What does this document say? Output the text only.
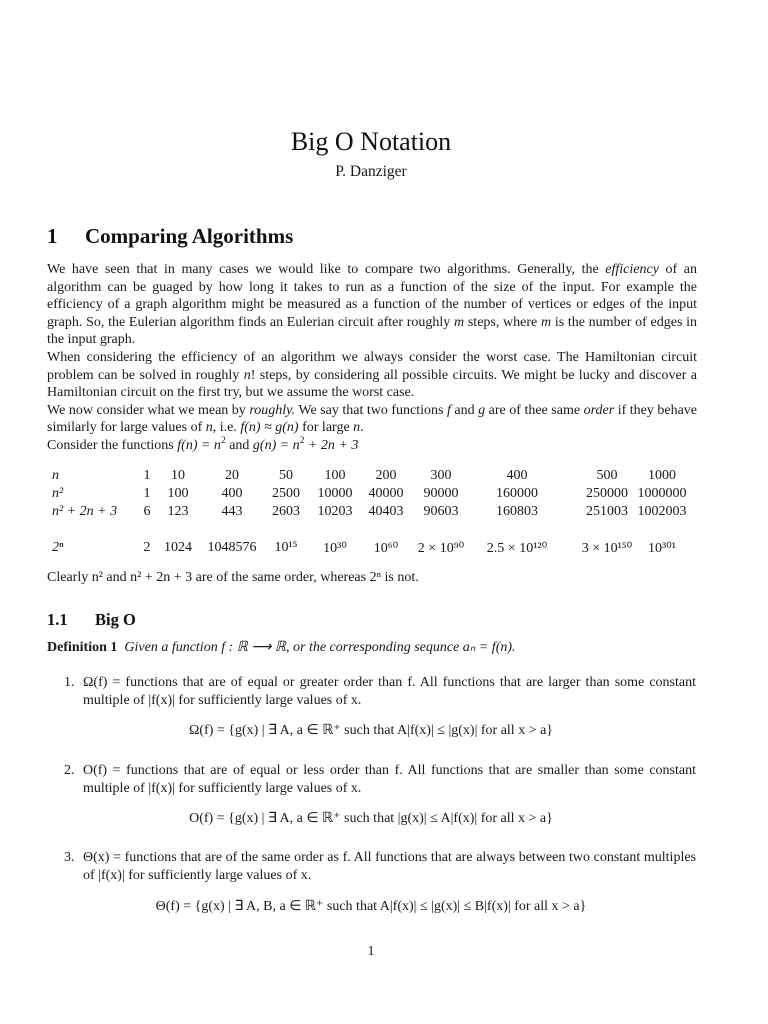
Big O Notation
P. Danziger
1 Comparing Algorithms

We have seen that in many cases we would like to compare two algorithms. Generally, the efficiency of an algorithm can be guaged by how long it takes to run as a function of the size of the input. For example the efficiency of a graph algorithm might be measured as a function of the number of vertices or edges of the input graph. So, the Eulerian algorithm finds an Eulerian circuit after roughly m steps, where m is the number of edges in the input graph.

When considering the efficiency of an algorithm we always consider the worst case. The Hamiltonian circuit problem can be solved in roughly n! steps, by considering all possible circuits. We might be lucky and discover a Hamiltonian circuit on the first try, but we assume the worst case.

We now consider what we mean by roughly. We say that two functions f and g are of thee same order if they behave similarly for large values of n, i.e. f(n) ≈ g(n) for large n.

Consider the functions $f(n) = n^2$ and $g(n) = n^2 + 2n + 3$

n	1	10	20	50	100	200	300	400	500	1000
n²	1	100	400	2500	10000	40000	90000	160000	250000 1000000
n² + 2n + 3	6	123	443	2603	10203	40403	90603	160803	251003 1002003
2ⁿ	2 1024	1048576	10¹⁵	10³⁰	10⁶⁰	2 × 10⁹⁰	2.5 × 10¹²⁰	3 × 10¹⁵⁰	10³⁰¹
Clearly n² and n² + 2n + 3 are of the same order, whereas 2ⁿ is not.
1.1 Big O
Definition 1 Given a function f : ℝ ⟶ ℝ, or the corresponding sequnce aₙ = f(n).
1. Ω(f) = functions that are of equal or greater order than f. All functions that are larger than some constant multiple of |f(x)| for sufficiently large values of x.
Ω(f) = {g(x) | ∃ A, a ∈ ℝ⁺ such that A|f(x)| ≤ |g(x)| for all x > a}
2. O(f) = functions that are of equal or less order than f. All functions that are smaller than some constant multiple of |f(x)| for sufficiently large values of x.
O(f) = {g(x) | ∃ A, a ∈ ℝ⁺ such that |g(x)| ≤ A|f(x)| for all x > a}
3. Θ(x) = functions that are of the same order as f. All functions that are always between two constant multiples of |f(x)| for sufficiently large values of x.
Θ(f) = {g(x) | ∃ A, B, a ∈ ℝ⁺ such that A|f(x)| ≤ |g(x)| ≤ B|f(x)| for all x > a}
1
